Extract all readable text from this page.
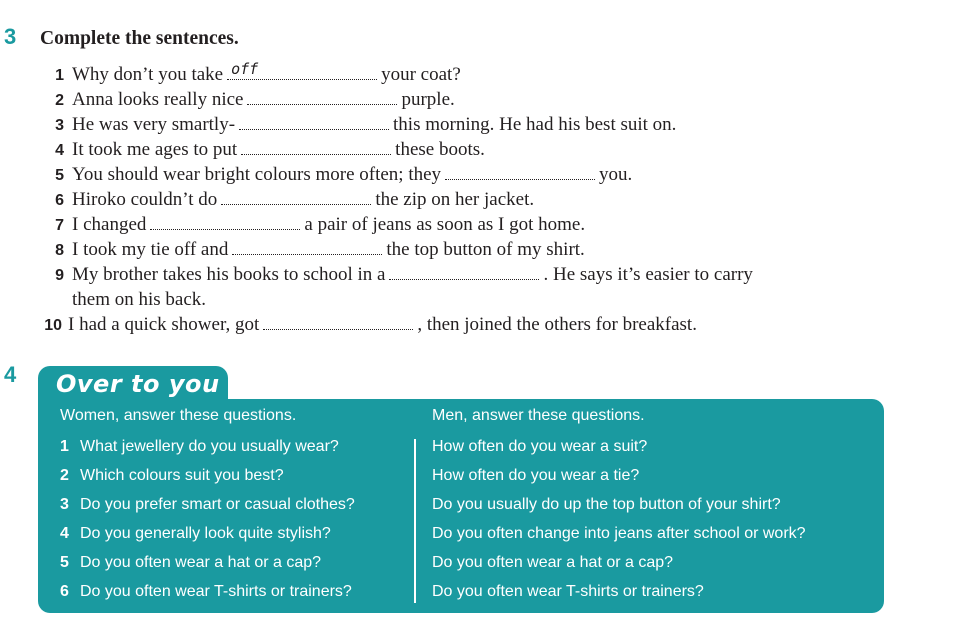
3 Complete the sentences.
1 Why don’t you take off	your coat?
2 Anna looks really nice	purple.
3 He was very smartly-	this morning. He had his best suit on.
4 It took me ages to put	these boots.
5 You should wear bright colours more often; they	you.
6 Hiroko couldn’t do	the zip on her jacket.
7 I changed	a pair of jeans as soon as I got home.
8 I took my tie off and	the top button of my shirt.
9 My brother takes his books to school in a	. He says it’s easier to carry
them on his back.
10 I had a quick shower, got	, then joined the others for breakfast.
4 Over to you
Women, answer these questions.	Men, answer these questions.
1 What jewellery do you usually wear?	How often do you wear a suit?
2 Which colours suit you best?	How often do you wear a tie?
3 Do you prefer smart or casual clothes?	Do you usually do up the top button of your shirt?
4 Do you generally look quite stylish?	Do you often change into jeans after school or work?
5 Do you often wear a hat or a cap?	Do you often wear a hat or a cap?
6 Do you often wear T-shirts or trainers?	Do you often wear T-shirts or trainers?
